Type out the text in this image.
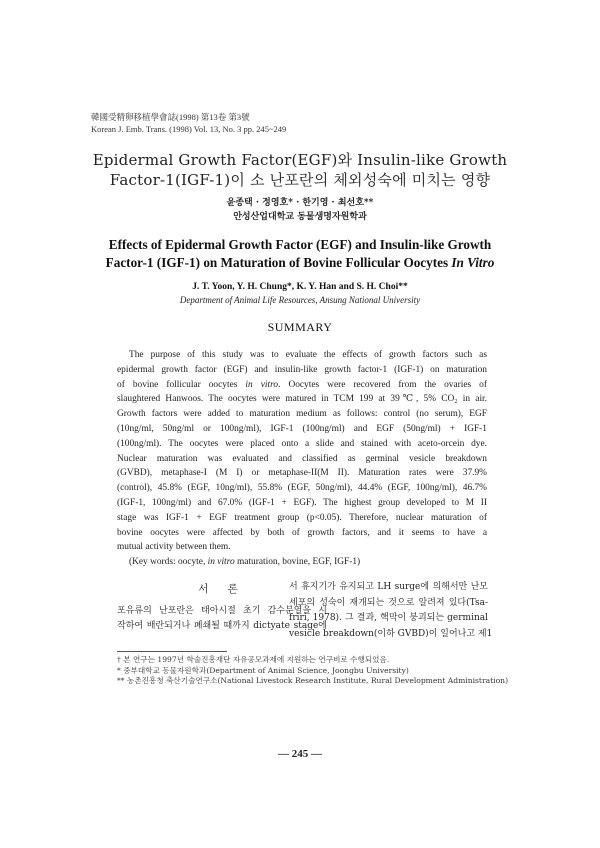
韓國受精卵移植學會誌(1998) 第13卷 第3號
Korean J. Emb. Trans. (1998) Vol. 13, No. 3 pp. 245~249
Epidermal Growth Factor(EGF)와 Insulin-like Growth
Factor-1(IGF-1)이 소 난포란의 체외성숙에 미치는 영향
윤종택 · 정영호* · 한기영 · 최선호**
안성산업대학교 동물생명자원학과
Effects of Epidermal Growth Factor (EGF) and Insulin-like Growth
Factor-1 (IGF-1) on Maturation of Bovine Follicular Oocytes In Vitro
J. T. Yoon, Y. H. Chung*, K. Y. Han and S. H. Choi**
Department of Animal Life Resources, Ansung National University
SUMMARY
The purpose of this study was to evaluate the effects of growth factors such as
epidermal growth factor (EGF) and insulin-like growth factor-1 (IGF-1) on maturation
of bovine follicular oocytes in vitro. Oocytes were recovered from the ovaries of
slaughtered Hanwoos. The oocytes were matured in TCM 199 at 39℃, 5% CO₂ in air.
Growth factors were added to maturation medium as follows: control (no serum), EGF
(10ng/ml, 50ng/ml or 100ng/ml), IGF-1 (100ng/ml) and EGF (50ng/ml) + IGF-1
(100ng/ml). The oocytes were placed onto a slide and stained with aceto-orcein dye.
Nuclear maturation was evaluated and classified as germinal vesicle breakdown
(GVBD), metaphase-I (M I) or metaphase-II(M II). Maturation rates were 37.9%
(control), 45.8% (EGF, 10ng/ml), 55.8% (EGF, 50ng/ml), 44.4% (EGF, 100ng/ml), 46.7%
(IGF-1, 100ng/ml) and 67.0% (IGF-1 + EGF). The highest group developed to M II
stage was IGF-1 + EGF treatment group (p<0.05). Therefore, nuclear maturation of
bovine oocytes were affected by both of growth factors, and it seems to have a
mutual activity between them.
(Key words: oocyte, in vitro maturation, bovine, EGF, IGF-1)
서 론
포유류의 난포란은 태아시절 초기 감수분열을 시
작하여 배란되거나 폐쇄될 때까지 dictyate stage에
서 휴지기가 유지되고 LH surge에 의해서만 난모
세포의 성숙이 재개되는 것으로 알려져 있다(Tsa-
friri, 1978). 그 결과, 핵막이 붕괴되는 germinal
vesicle breakdown(이하 GVBD)이 일어나고 제1
† 본 연구는 1997년 학술진흥재단 자유공모과제에 지원하는 연구비로 수행되었음.
* 중부대학교 동물자원학과(Department of Animal Science, Joongbu University)
** 농촌진흥청 축산기술연구소(National Livestock Research Institute, Rural Development Administration)
— 245 —
